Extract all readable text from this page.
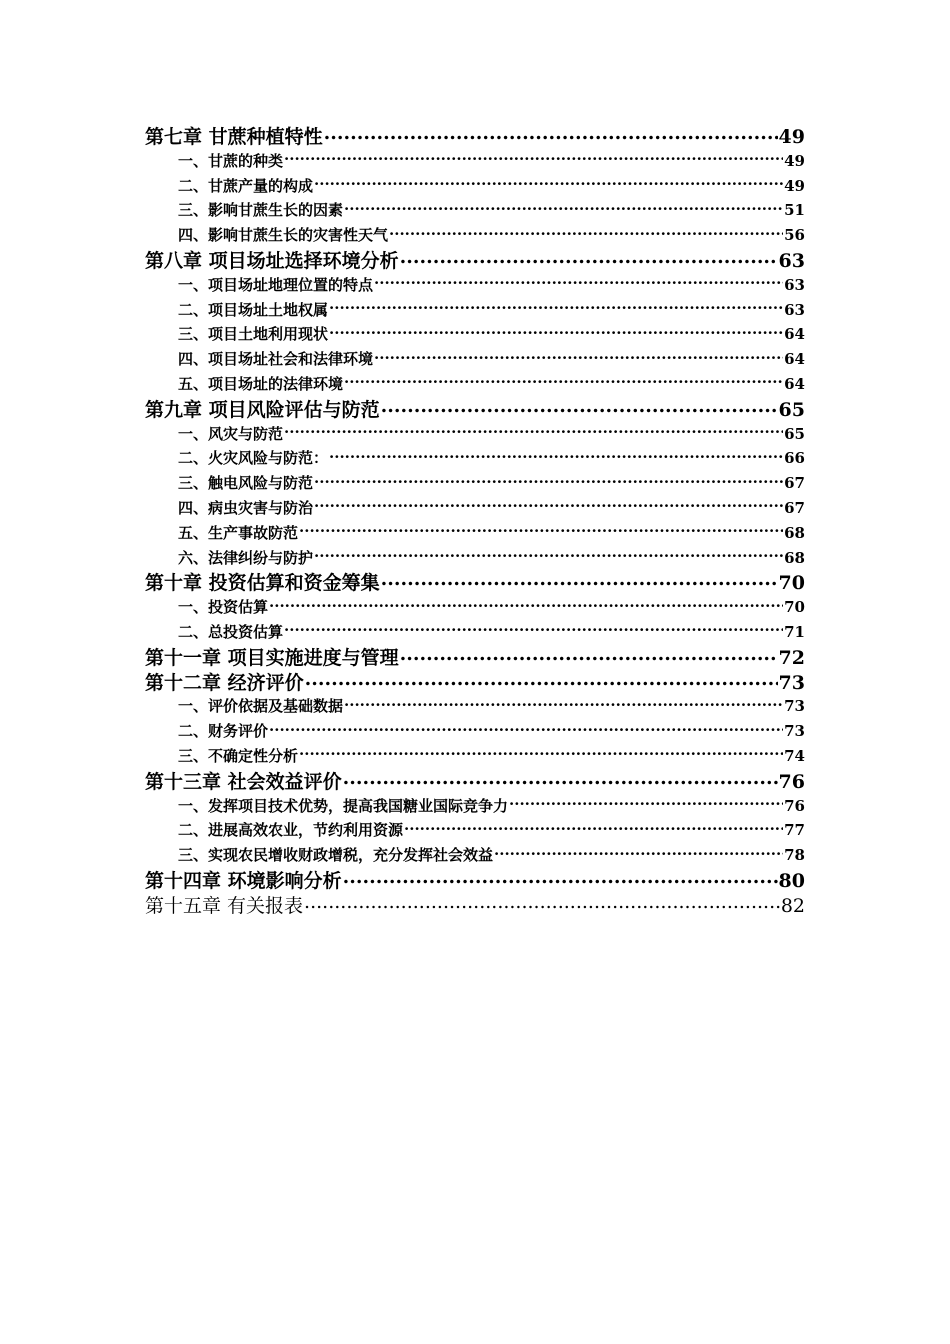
第七章 甘蔗种植特性 .....	49
一、甘蔗的种类 .....	49
二、甘蔗产量的构成 .....	49
三、影响甘蔗生长的因素 .....	51
四、影响甘蔗生长的灾害性天气 .....	56
第八章 项目场址选择环境分析 .....	63
一、项目场址地理位置的特点 .....	63
二、项目场址土地权属 .....	63
三、项目土地利用现状 .....	64
四、项目场址社会和法律环境 .....	64
五、项目场址的法律环境 .....	64
第九章 项目风险评估与防范 .....	65
一、风灾与防范 .....	65
二、火灾风险与防范： .....	66
三、触电风险与防范 .....	67
四、病虫灾害与防治 .....	67
五、生产事故防范 .....	68
六、法律纠纷与防护 .....	68
第十章 投资估算和资金筹集 .....	70
一、投资估算 .....	70
二、总投资估算 .....	71
第十一章 项目实施进度与管理 .....	72
第十二章 经济评价 .....	73
一、评价依据及基础数据 .....	73
二、财务评价 .....	73
三、不确定性分析 .....	74
第十三章 社会效益评价 .....	76
一、发挥项目技术优势，提高我国糖业国际竞争力 .....	76
二、进展高效农业，节约利用资源 .....	77
三、实现农民增收财政增税，充分发挥社会效益 .....	78
第十四章 环境影响分析 .....	80
第十五章 有关报表 .....	82
